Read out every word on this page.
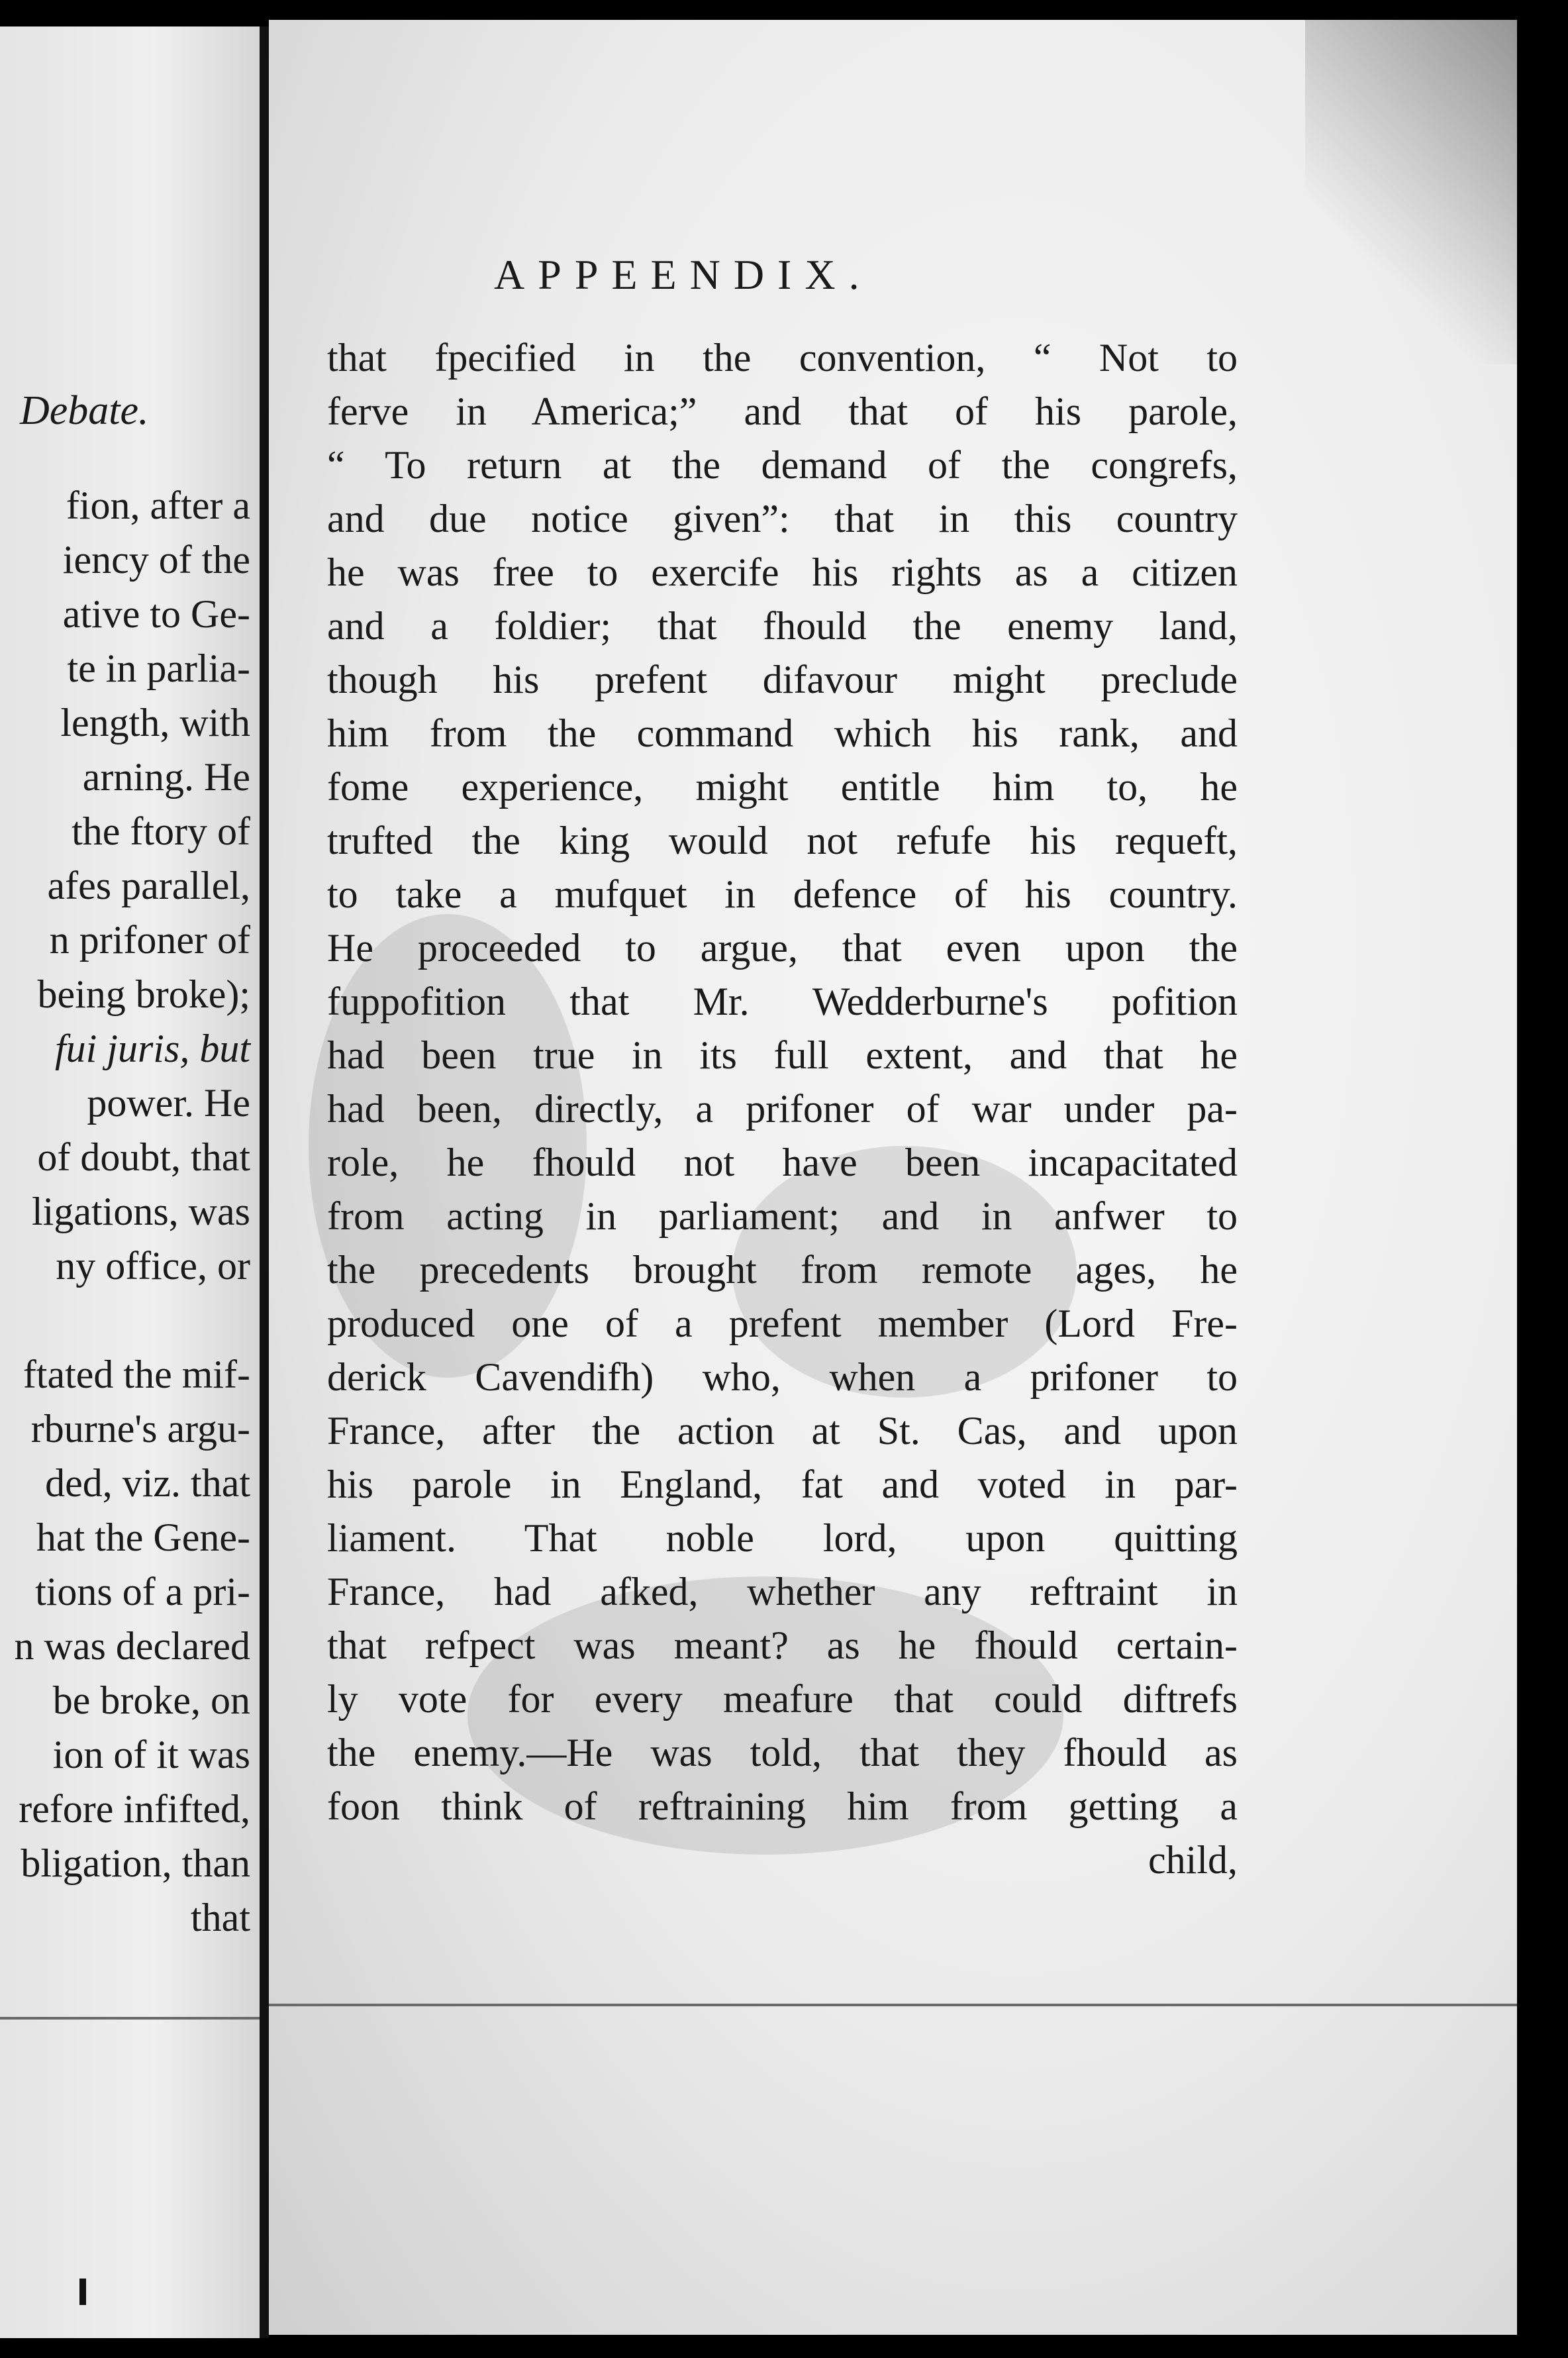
Debate.
fion, after a
iency of the
ative to Ge-
te in parlia-
length, with
arning. He
the ftory of
afes parallel,
n prifoner of
being broke);
fui juris, but
power. He
of doubt, that
ligations, was
ny office, or
ftated the mif-
rburne's argu-
ded, viz. that
hat the Gene-
tions of a pri-
n was declared
be broke, on
ion of it was
refore infifted,
bligation, than
that
APPEENDIX.
that fpecified in the convention, “ Not to
ferve in America;” and that of his parole,
“ To return at the demand of the congrefs,
and due notice given”: that in this country
he was free to exercife his rights as a citizen
and a foldier; that fhould the enemy land,
though his prefent difavour might preclude
him from the command which his rank, and
fome experience, might entitle him to, he
trufted the king would not refufe his requeft,
to take a mufquet in defence of his country.
He proceeded to argue, that even upon the
fuppofition that Mr. Wedderburne's pofition
had been true in its full extent, and that he
had been, directly, a prifoner of war under pa-
role, he fhould not have been incapacitated
from acting in parliament; and in anfwer to
the precedents brought from remote ages, he
produced one of a prefent member (Lord Fre-
derick Cavendifh) who, when a prifoner to
France, after the action at St. Cas, and upon
his parole in England, fat and voted in par-
liament. That noble lord, upon quitting
France, had afked, whether any reftraint in
that refpect was meant? as he fhould certain-
ly vote for every meafure that could diftrefs
the enemy.—He was told, that they fhould as
foon think of reftraining him from getting a
child,
